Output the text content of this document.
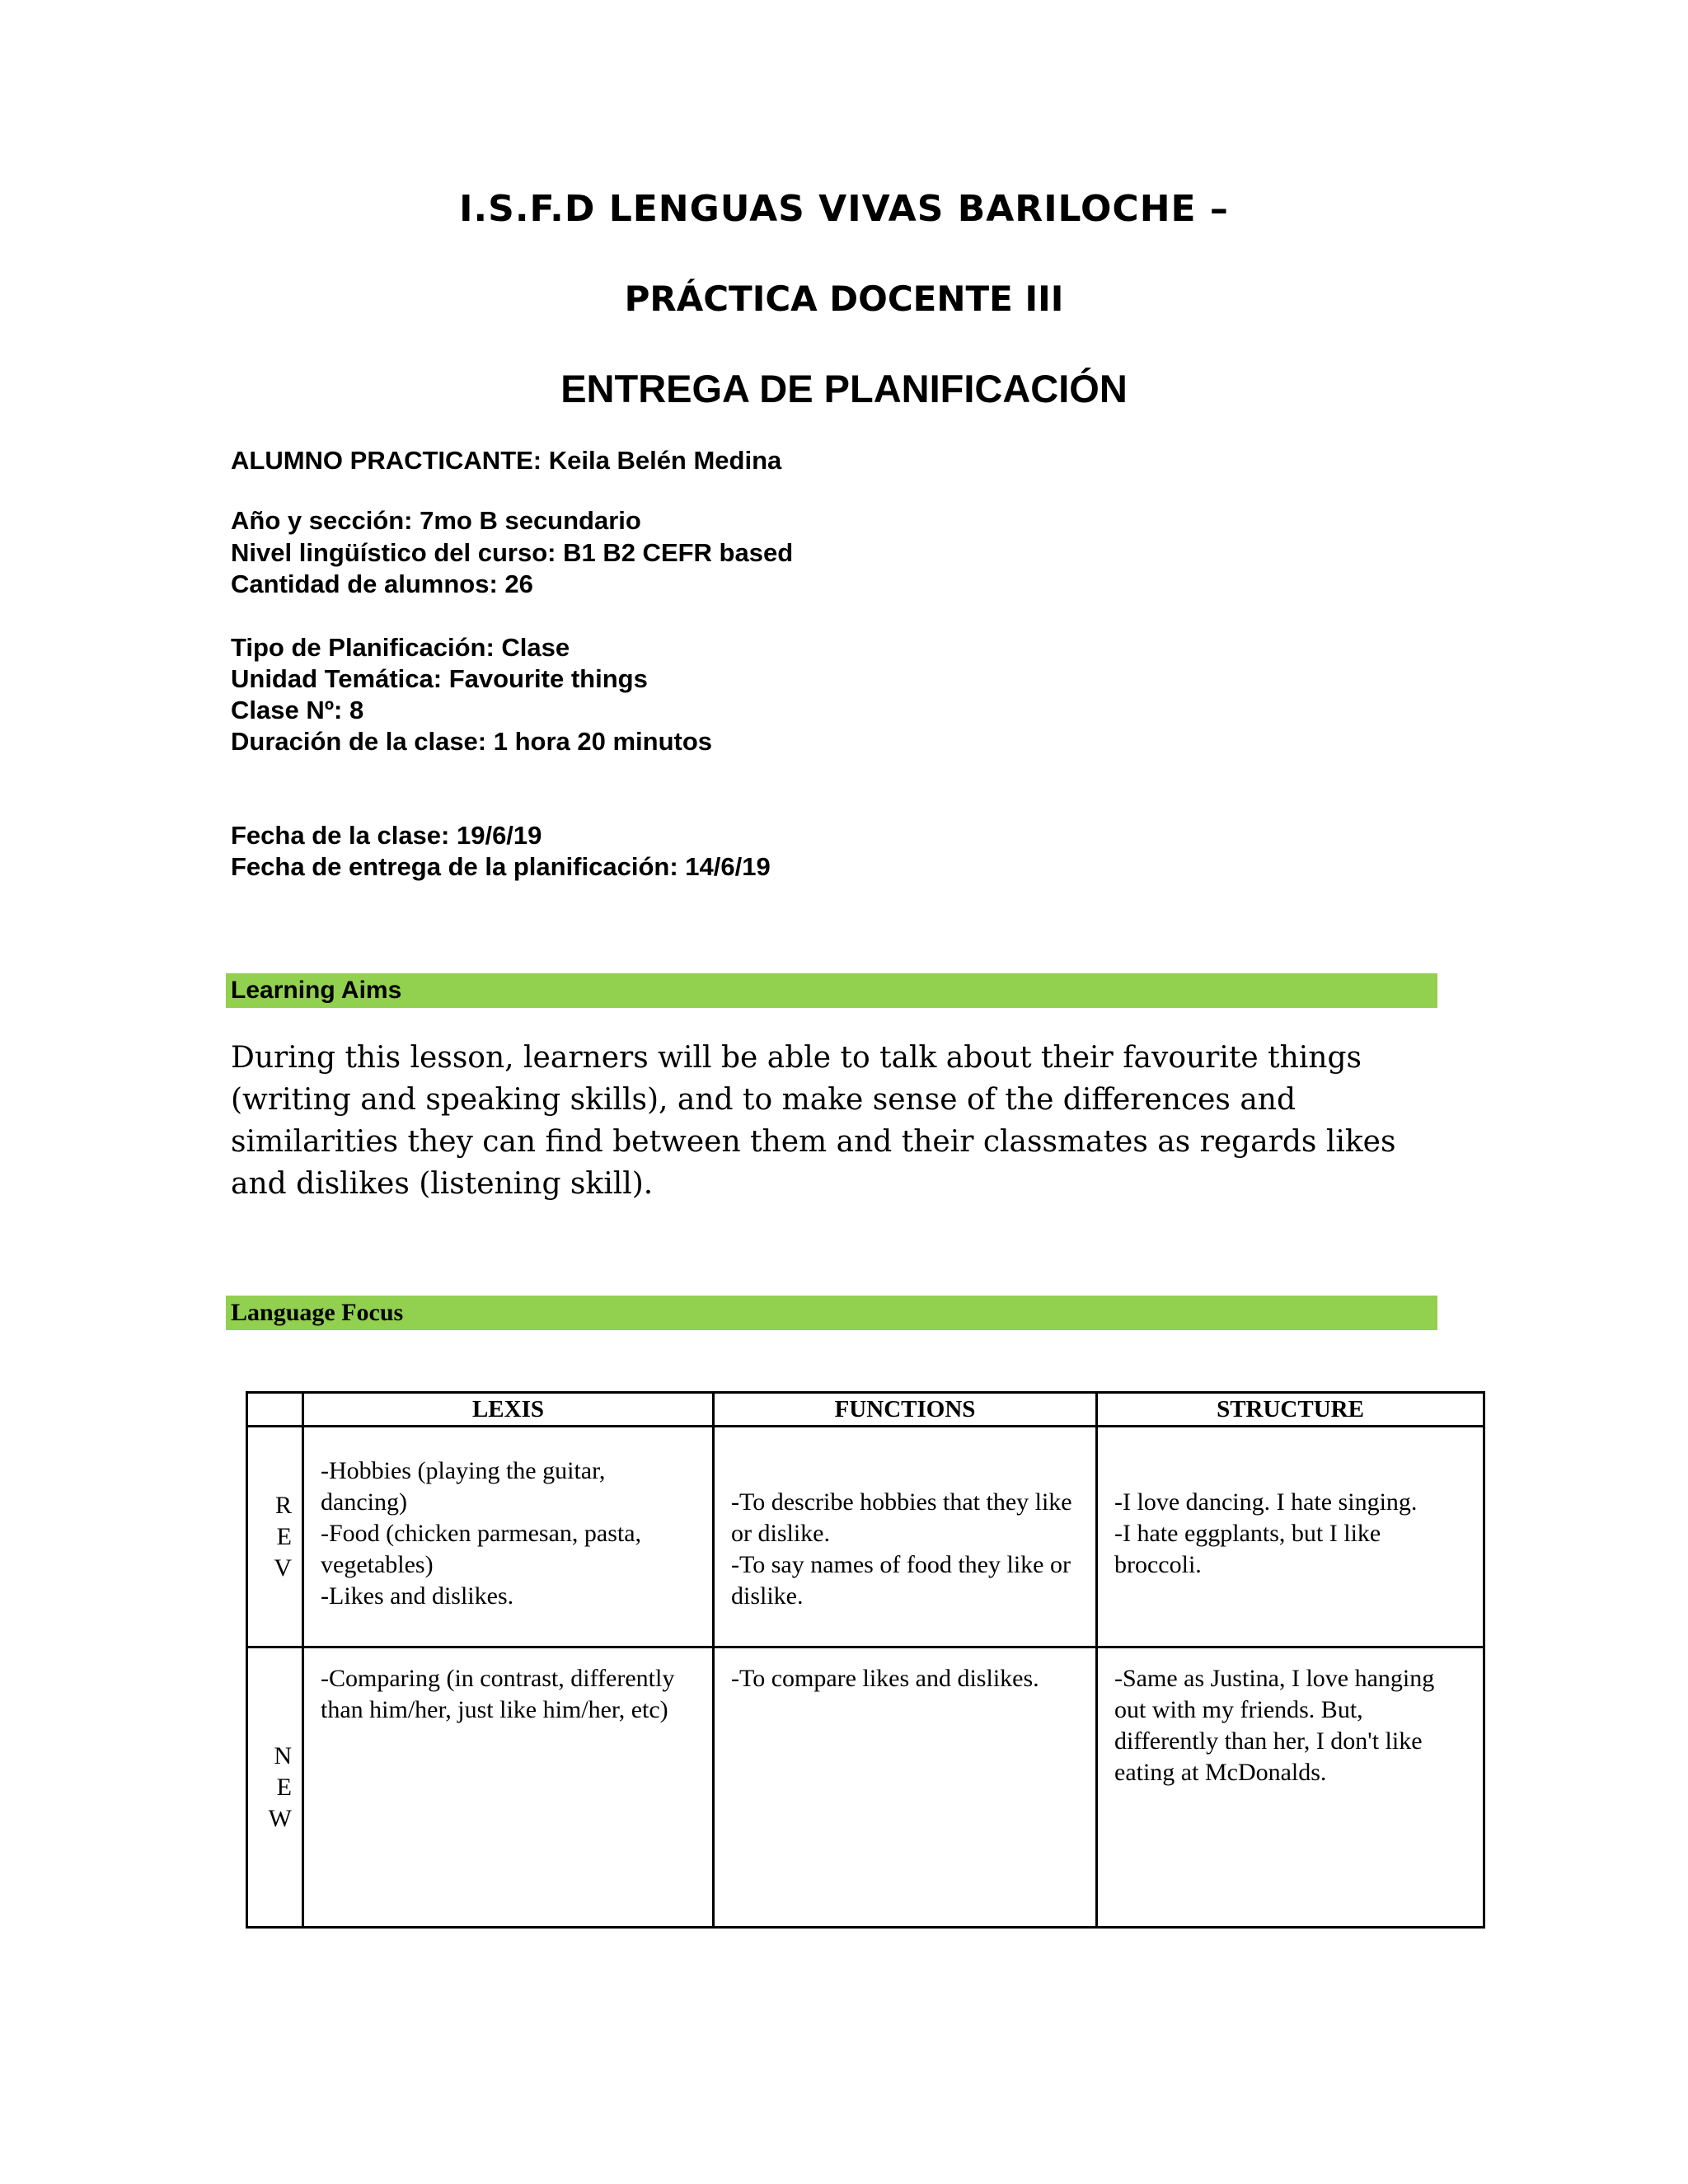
I.S.F.D LENGUAS VIVAS BARILOCHE –
PRÁCTICA DOCENTE III
ENTREGA DE PLANIFICACIÓN

ALUMNO PRACTICANTE: Keila Belén Medina

Año y sección: 7mo B secundario

Nivel lingüístico del curso: B1 B2 CEFR based

Cantidad de alumnos: 26

Tipo de Planificación: Clase

Unidad Temática: Favourite things

Clase Nº: 8

Duración de la clase: 1 hora 20 minutos

Fecha de la clase: 19/6/19

Fecha de entrega de la planificación: 14/6/19

Learning Aims

During this lesson, learners will be able to talk about their favourite things (writing and speaking skills), and to make sense of the differences and similarities they can find between them and their classmates as regards likes and dislikes (listening skill).

Language Focus
	LEXIS	FUNCTIONS	STRUCTURE

R
E
V	-Hobbies (playing the guitar, dancing)
-Food (chicken parmesan, pasta, vegetables)
-Likes and dislikes.	-To describe hobbies that they like or dislike.
-To say names of food they like or dislike.	-I love dancing. I hate singing.
-I hate eggplants, but I like broccoli.

N
E
W	-Comparing (in contrast, differently than him/her, just like him/her, etc)	-To compare likes and dislikes.	-Same as Justina, I love hanging out with my friends. But, differently than her, I don't like eating at McDonalds.
